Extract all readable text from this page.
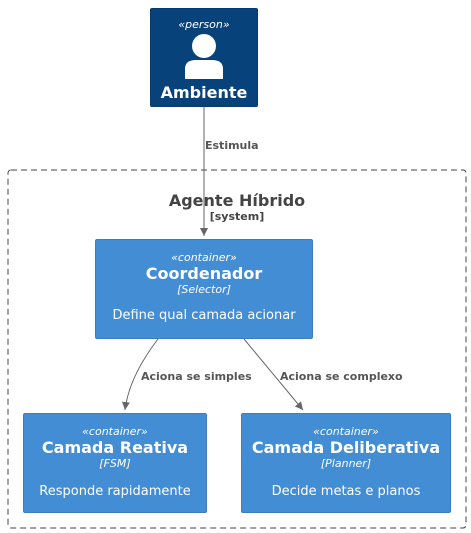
«person»
Ambiente
Agente Híbrido
[system]
«container»
Coordenador
[Selector]
Define qual camada acionar
«container»
Camada Reativa
[FSM]
Responde rapidamente
«container»
Camada Deliberativa
[Planner]
Decide metas e planos
Estimula
Aciona se simples	Aciona se complexo
